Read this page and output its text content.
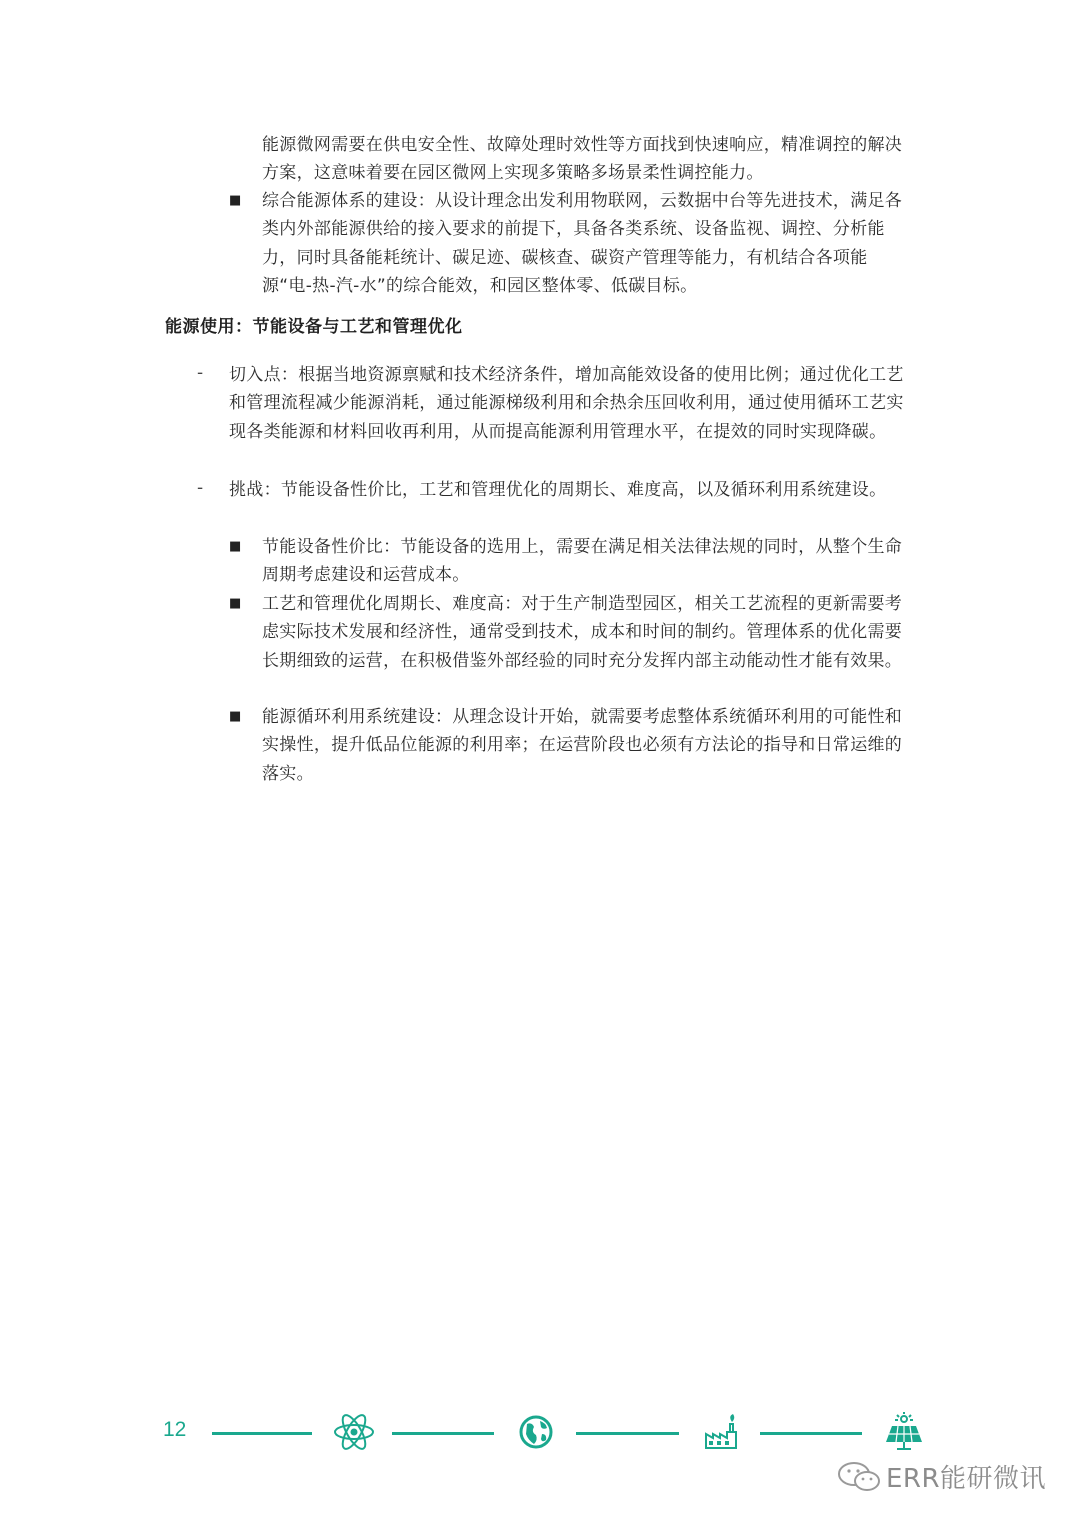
能源微网需要在供电安全性、故障处理时效性等方面找到快速响应，精准调控的解决方案，这意味着要在园区微网上实现多策略多场景柔性调控能力。
■ 综合能源体系的建设：从设计理念出发利用物联网，云数据中台等先进技术，满足各类内外部能源供给的接入要求的前提下，具备各类系统、设备监视、调控、分析能力，同时具备能耗统计、碳足迹、碳核查、碳资产管理等能力，有机结合各项能源“电-热-汽-水”的综合能效，和园区整体零、低碳目标。
能源使用：节能设备与工艺和管理优化
- 切入点：根据当地资源禀赋和技术经济条件，增加高能效设备的使用比例；通过优化工艺和管理流程减少能源消耗，通过能源梯级利用和余热余压回收利用，通过使用循环工艺实现各类能源和材料回收再利用，从而提高能源利用管理水平，在提效的同时实现降碳。
- 挑战：节能设备性价比，工艺和管理优化的周期长、难度高，以及循环利用系统建设。
■ 节能设备性价比：节能设备的选用上，需要在满足相关法律法规的同时，从整个生命周期考虑建设和运营成本。
■ 工艺和管理优化周期长、难度高：对于生产制造型园区，相关工艺流程的更新需要考虑实际技术发展和经济性，通常受到技术，成本和时间的制约。管理体系的优化需要长期细致的运营，在积极借鉴外部经验的同时充分发挥内部主动能动性才能有效果。
■ 能源循环利用系统建设：从理念设计开始，就需要考虑整体系统循环利用的可能性和实操性，提升低品位能源的利用率；在运营阶段也必须有方法论的指导和日常运维的落实。
12
ERR能研微讯
